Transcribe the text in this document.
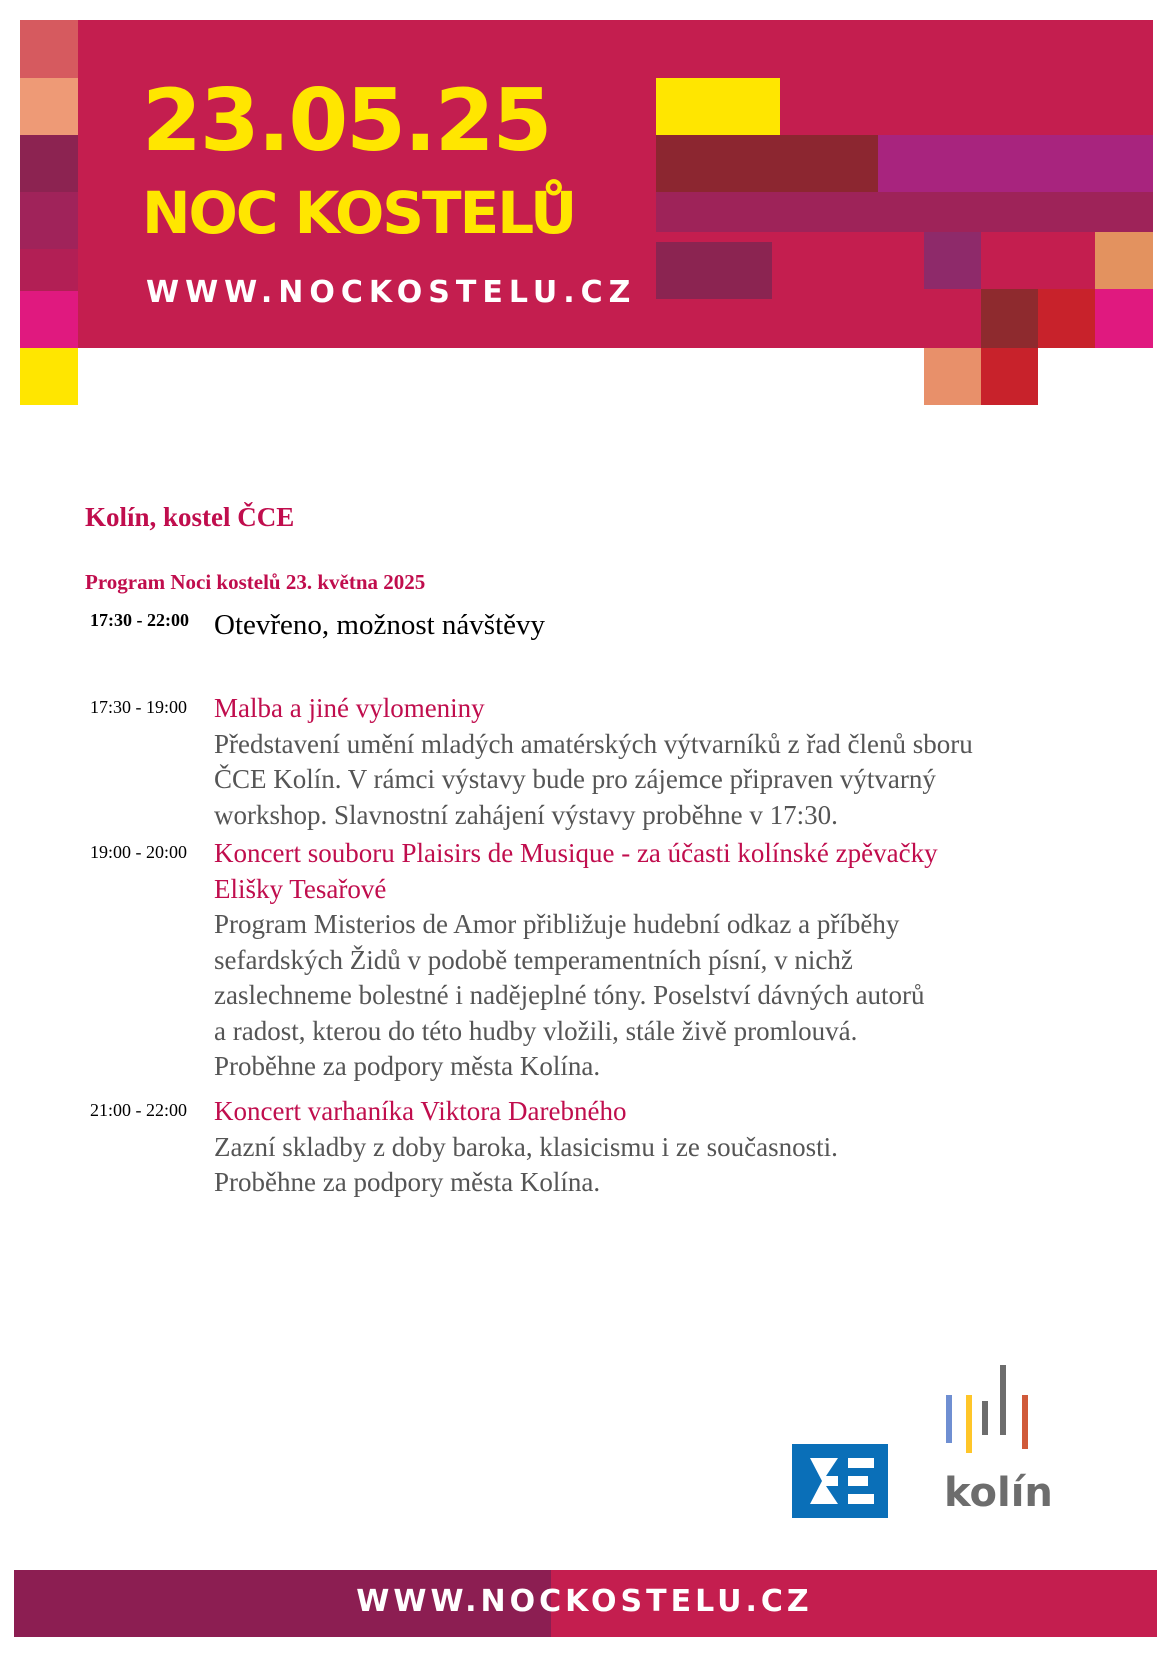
23.05.25
NOC KOSTELŮ
WWW.NOCKOSTELU.CZ
Kolín, kostel ČCE
Program Noci kostelů 23. května 2025
17:30 - 22:00 Otevřeno, možnost návštěvy
17:30 - 19:00 Malba a jiné vylomeniny
Představení umění mladých amatérských výtvarníků z řad členů sboru
ČCE Kolín. V rámci výstavy bude pro zájemce připraven výtvarný
workshop. Slavnostní zahájení výstavy proběhne v 17:30.
19:00 - 20:00 Koncert souboru Plaisirs de Musique - za účasti kolínské zpěvačky
Elišky Tesařové
Program Misterios de Amor přibližuje hudební odkaz a příběhy
sefardských Židů v podobě temperamentních písní, v nichž
zaslechneme bolestné i nadějeplné tóny. Poselství dávných autorů
a radost, kterou do této hudby vložili, stále živě promlouvá.
Proběhne za podpory města Kolína.
21:00 - 22:00 Koncert varhaníka Viktora Darebného
Zazní skladby z doby baroka, klasicismu i ze současnosti.
Proběhne za podpory města Kolína.
kolín
WWW.NOCKOSTELU.CZ
